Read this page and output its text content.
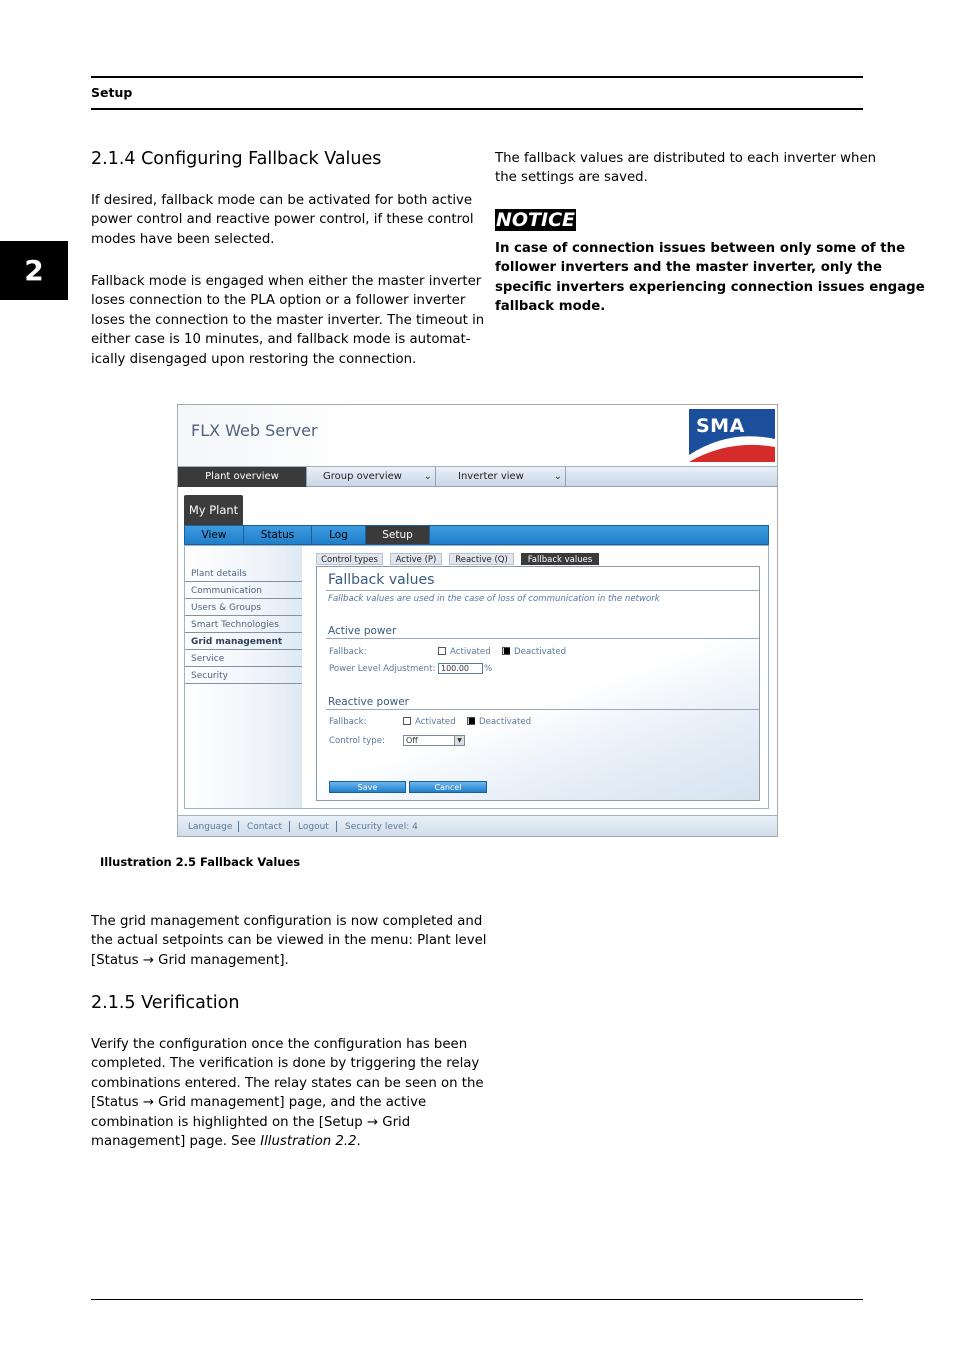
Setup
2
2.1.4 Configuring Fallback Values
If desired, fallback mode can be activated for both active
power control and reactive power control, if these control
modes have been selected.
Fallback mode is engaged when either the master inverter
loses connection to the PLA option or a follower inverter
loses the connection to the master inverter. The timeout in
either case is 10 minutes, and fallback mode is automat-
ically disengaged upon restoring the connection.
The fallback values are distributed to each inverter when
the settings are saved.
NOTICE
In case of connection issues between only some of the
follower inverters and the master inverter, only the
specific inverters experiencing connection issues engage
fallback mode.
FLX Web Server	SMA
Plant overview	Group overview ⌄	Inverter view	⌄
My Plant
View	Status	Log	Setup
Plant details
Communication
Users & Groups
Smart Technologies
Grid management
Service
Security
Control types	Active (P)	Reactive (Q)	Fallback values
Fallback values
Fallback values are used in the case of loss of communication in the network
Active power
Fallback:	Activated ■ Deactivated
Power Level Adjustment: 100.00	%
Reactive power
Fallback:	Activated ■ Deactivated
Control type:	Off	▼
Save	Cancel
Language Contact Logout Security level: 4
Illustration 2.5 Fallback Values
The grid management configuration is now completed and
the actual setpoints can be viewed in the menu: Plant level
[Status → Grid management].
2.1.5 Verification
Verify the configuration once the configuration has been
completed. The verification is done by triggering the relay
combinations entered. The relay states can be seen on the
[Status → Grid management] page, and the active
combination is highlighted on the [Setup → Grid
management] page. See Illustration 2.2.
